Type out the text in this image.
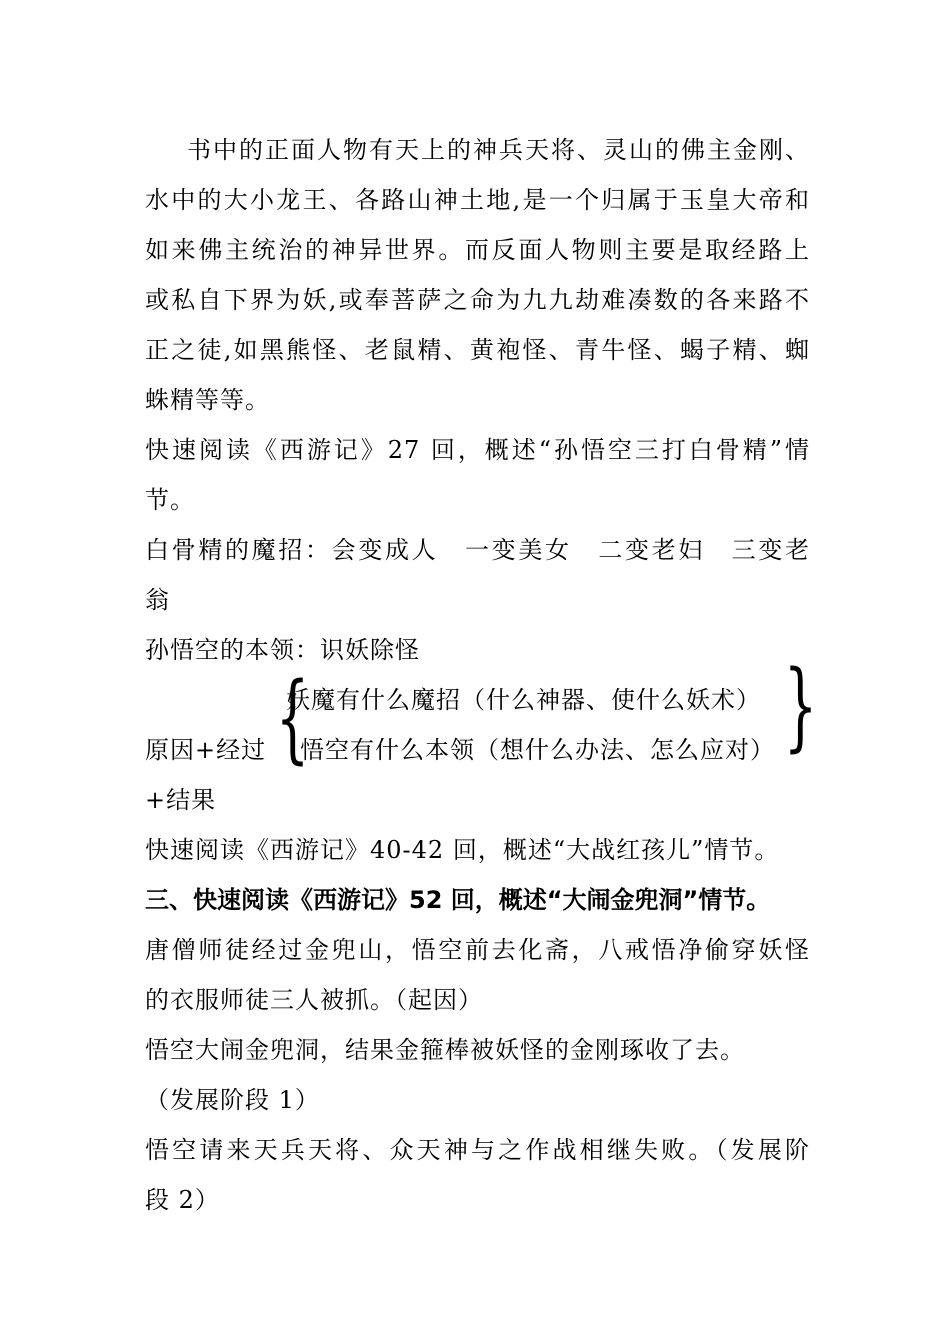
书中的正面人物有天上的神兵天将、灵山的佛主金刚、
水中的大小龙王、各路山神土地,是一个归属于玉皇大帝和
如来佛主统治的神异世界。而反面人物则主要是取经路上
或私自下界为妖,或奉菩萨之命为九九劫难凑数的各来路不
正之徒,如黑熊怪、老鼠精、黄袍怪、青牛怪、蝎子精、蜘
蛛精等等。
快速阅读《西游记》27 回，概述“孙悟空三打白骨精”情
节。
白骨精的魔招：会变成人　一变美女　二变老妇　三变老
翁
孙悟空的本领：识妖除怪
妖魔有什么魔招（什么神器、使什么妖术）
原因+经过 悟空有什么本领（想什么办法、怎么应对）
{	}
+结果
快速阅读《西游记》40-42 回，概述“大战红孩儿”情节。
三、快速阅读《西游记》52 回，概述“大闹金兜洞”情节。
唐僧师徒经过金兜山，悟空前去化斋，八戒悟净偷穿妖怪
的衣服师徒三人被抓。（起因）
悟空大闹金兜洞，结果金箍棒被妖怪的金刚琢收了去。
（发展阶段 1）
悟空请来天兵天将、众天神与之作战相继失败。（发展阶
段 2）
